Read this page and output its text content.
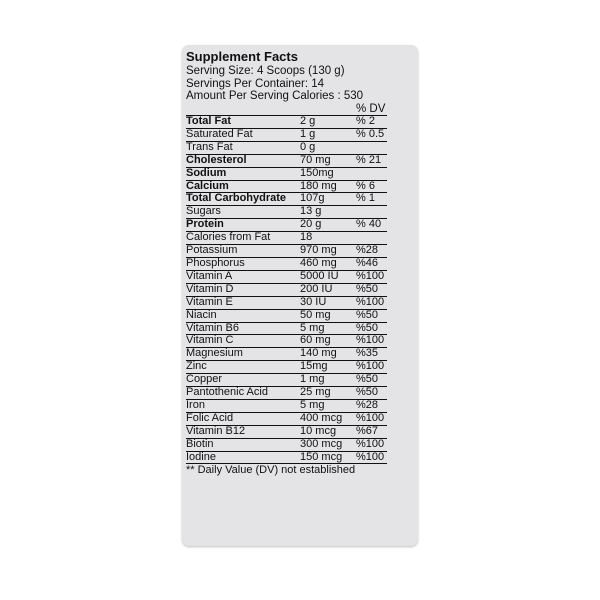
Supplement Facts
Serving Size: 4 Scoops (130 g)
Servings Per Container: 14
Amount Per Serving Calories : 530
% DV
Total Fat	2 g	% 2
Saturated Fat	1 g	% 0.5
Trans Fat	0 g	
Cholesterol	70 mg	% 21
Sodium	150mg	
Calcium	180 mg	% 6
Total Carbohydrate	107g	% 1
Sugars	13 g	
Protein	20 g	% 40
Calories from Fat	18	
Potassium	970 mg	%28
Phosphorus	460 mg	%46
Vitamin A	5000 IU	%100
Vitamin D	200 IU	%50
Vitamin E	30 IU	%100
Niacin	50 mg	%50
Vitamin B6	5 mg	%50
Vitamin C	60 mg	%100
Magnesium	140 mg	%35
Zinc	15mg	%100
Copper	1 mg	%50
Pantothenic Acid	25 mg	%50
Iron	5 mg	%28
Folic Acid	400 mcg	%100
Vitamin B12	10 mcg	%67
Biotin	300 mcg	%100
Iodine	150 mcg	%100
** Daily Value (DV) not established
